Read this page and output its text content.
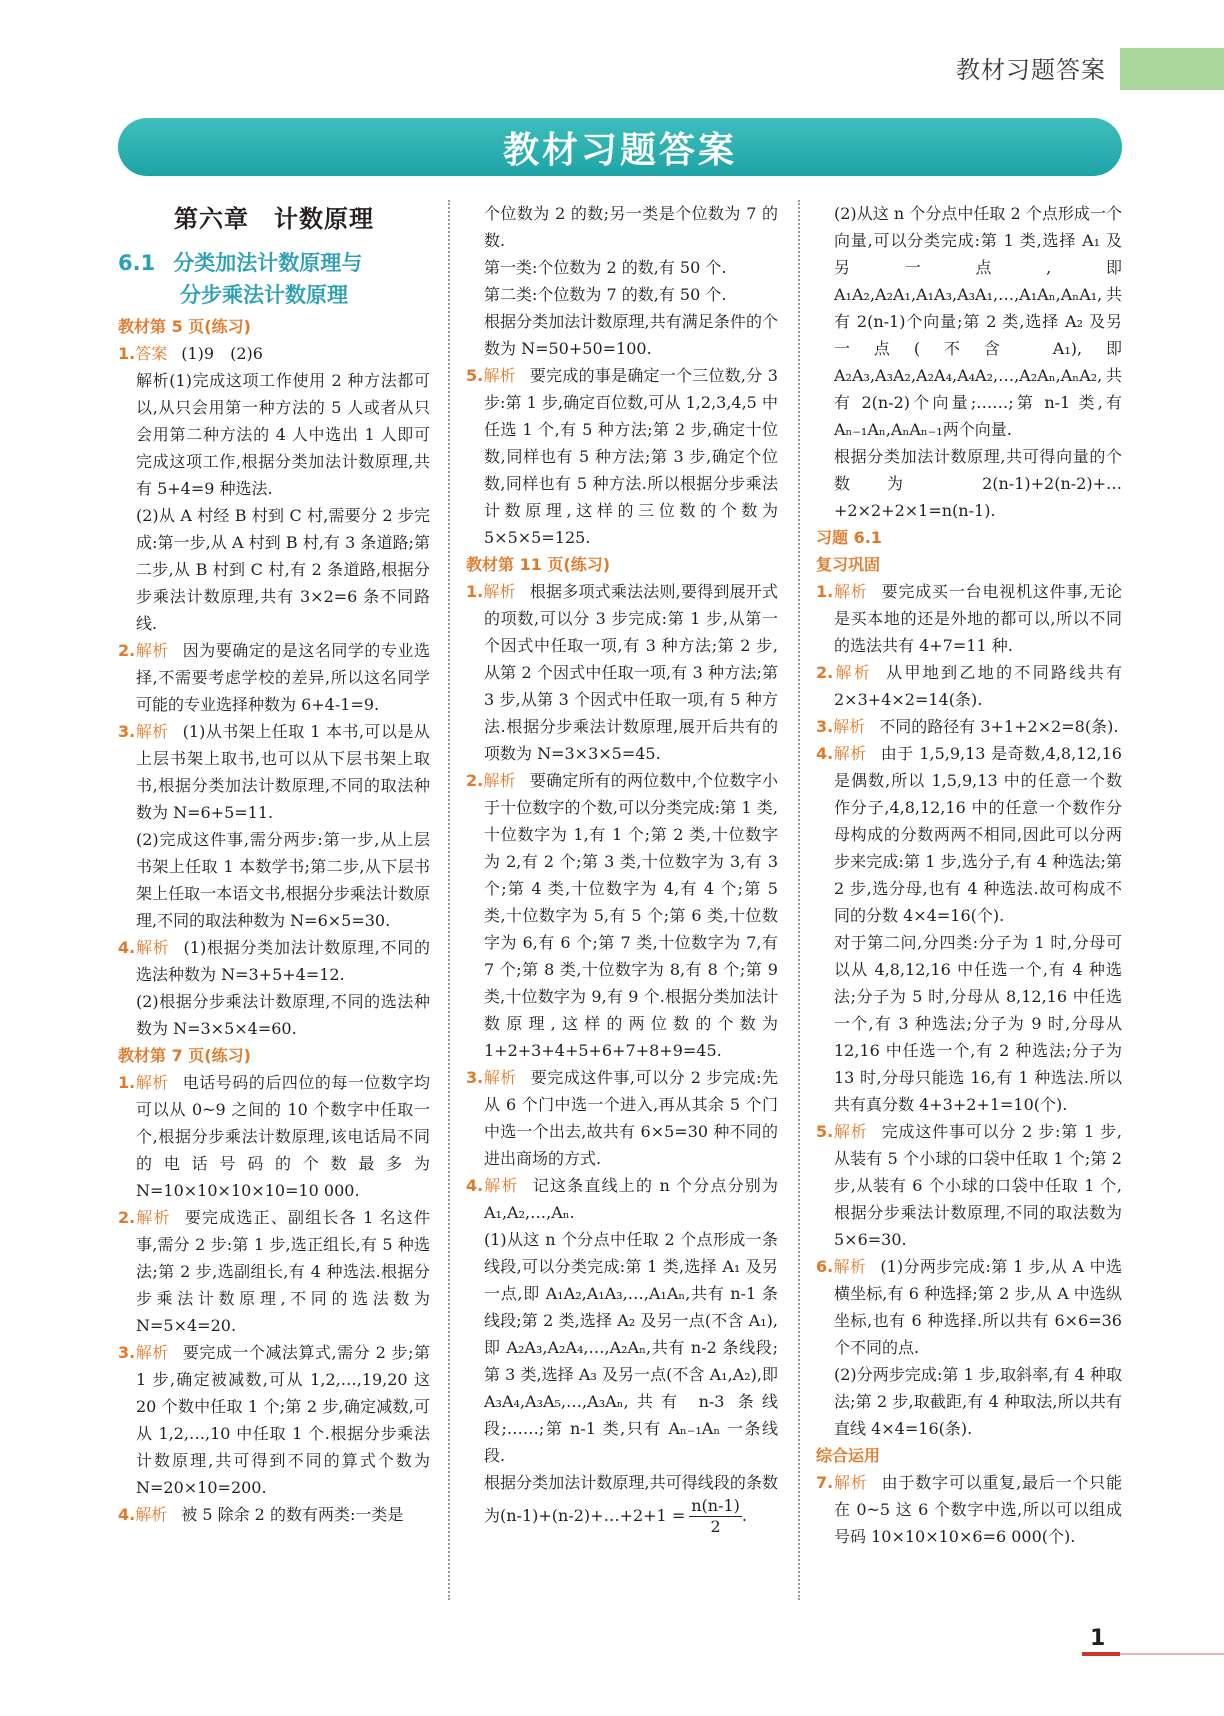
教材习题答案
教材习题答案
第六章　计数原理
6.1 分类加法计数原理与
分步乘法计数原理
教材第 5 页(练习)
1.答案 (1)9　(2)6
解析(1)完成这项工作使用 2 种方法都可以,从只会用第一种方法的 5 人或者从只会用第二种方法的 4 人中选出 1 人即可完成这项工作,根据分类加法计数原理,共有 5+4=9 种选法.
(2)从 A 村经 B 村到 C 村,需要分 2 步完成:第一步,从 A 村到 B 村,有 3 条道路;第二步,从 B 村到 C 村,有 2 条道路,根据分步乘法计数原理,共有 3×2=6 条不同路线.
2.解析 因为要确定的是这名同学的专业选择,不需要考虑学校的差异,所以这名同学可能的专业选择种数为 6+4-1=9.
3.解析 (1)从书架上任取 1 本书,可以是从上层书架上取书,也可以从下层书架上取书,根据分类加法计数原理,不同的取法种数为 N=6+5=11.
(2)完成这件事,需分两步:第一步,从上层书架上任取 1 本数学书;第二步,从下层书架上任取一本语文书,根据分步乘法计数原理,不同的取法种数为 N=6×5=30.
4.解析 (1)根据分类加法计数原理,不同的选法种数为 N=3+5+4=12.
(2)根据分步乘法计数原理,不同的选法种数为 N=3×5×4=60.
教材第 7 页(练习)
1.解析 电话号码的后四位的每一位数字均可以从 0~9 之间的 10 个数字中任取一个,根据分步乘法计数原理,该电话局不同的电话号码的个数最多为 N=10×10×10×10=10 000.
2.解析 要完成选正、副组长各 1 名这件事,需分 2 步:第 1 步,选正组长,有 5 种选法;第 2 步,选副组长,有 4 种选法.根据分步乘法计数原理,不同的选法数为 N=5×4=20.
3.解析 要完成一个减法算式,需分 2 步;第 1 步,确定被减数,可从 1,2,…,19,20 这 20 个数中任取 1 个;第 2 步,确定减数,可从 1,2,…,10 中任取 1 个.根据分步乘法计数原理,共可得到不同的算式个数为 N=20×10=200.
4.解析 被 5 除余 2 的数有两类:一类是
个位数为 2 的数;另一类是个位数为 7 的数.
第一类:个位数为 2 的数,有 50 个.
第二类:个位数为 7 的数,有 50 个.
根据分类加法计数原理,共有满足条件的个数为 N=50+50=100.
5.解析 要完成的事是确定一个三位数,分 3 步:第 1 步,确定百位数,可从 1,2,3,4,5 中任选 1 个,有 5 种方法;第 2 步,确定十位数,同样也有 5 种方法;第 3 步,确定个位数,同样也有 5 种方法.所以根据分步乘法计数原理,这样的三位数的个数为 5×5×5=125.
教材第 11 页(练习)
1.解析 根据多项式乘法法则,要得到展开式的项数,可以分 3 步完成:第 1 步,从第一个因式中任取一项,有 3 种方法;第 2 步,从第 2 个因式中任取一项,有 3 种方法;第 3 步,从第 3 个因式中任取一项,有 5 种方法.根据分步乘法计数原理,展开后共有的项数为 N=3×3×5=45.
2.解析 要确定所有的两位数中,个位数字小于十位数字的个数,可以分类完成:第 1 类,十位数字为 1,有 1 个;第 2 类,十位数字为 2,有 2 个;第 3 类,十位数字为 3,有 3 个;第 4 类,十位数字为 4,有 4 个;第 5 类,十位数字为 5,有 5 个;第 6 类,十位数字为 6,有 6 个;第 7 类,十位数字为 7,有 7 个;第 8 类,十位数字为 8,有 8 个;第 9 类,十位数字为 9,有 9 个.根据分类加法计数原理,这样的两位数的个数为 1+2+3+4+5+6+7+8+9=45.
3.解析 要完成这件事,可以分 2 步完成:先从 6 个门中选一个进入,再从其余 5 个门中选一个出去,故共有 6×5=30 种不同的进出商场的方式.
4.解析 记这条直线上的 n 个分点分别为 A₁,A₂,…,Aₙ.
(1)从这 n 个分点中任取 2 个点形成一条线段,可以分类完成:第 1 类,选择 A₁ 及另一点,即 A₁A₂,A₁A₃,…,A₁Aₙ,共有 n-1 条线段;第 2 类,选择 A₂ 及另一点(不含 A₁),即 A₂A₃,A₂A₄,…,A₂Aₙ,共有 n-2 条线段;第 3 类,选择 A₃ 及另一点(不含 A₁,A₂),即 A₃A₄,A₃A₅,…,A₃Aₙ,共有 n-3 条线段;……;第 n-1 类,只有 Aₙ₋₁Aₙ 一条线段.
根据分类加法计数原理,共可得线段的条数为(n-1)+(n-2)+…+2+1 = $\frac{n(n-1)}{2}$ .
(2)从这 n 个分点中任取 2 个点形成一个向量,可以分类完成:第 1 类,选择 A₁ 及另一点,即A₁A₂,A₂A₁,A₁A₃,A₃A₁,…,A₁Aₙ,AₙA₁,共有 2(n-1)个向量;第 2 类,选择 A₂ 及另一点(不含 A₁),即A₂A₃,A₃A₂,A₂A₄,A₄A₂,…,A₂Aₙ,AₙA₂,共有 2(n-2)个向量;……;第 n-1 类,有Aₙ₋₁Aₙ,AₙAₙ₋₁两个向量.
根据分类加法计数原理,共可得向量的个数为 2(n-1)+2(n-2)+…+2×2+2×1=n(n-1).
习题 6.1
复习巩固
1.解析 要完成买一台电视机这件事,无论是买本地的还是外地的都可以,所以不同的选法共有 4+7=11 种.
2.解析 从甲地到乙地的不同路线共有 2×3+4×2=14(条).
3.解析 不同的路径有 3+1+2×2=8(条).
4.解析 由于 1,5,9,13 是奇数,4,8,12,16 是偶数,所以 1,5,9,13 中的任意一个数作分子,4,8,12,16 中的任意一个数作分母构成的分数两两不相同,因此可以分两步来完成:第 1 步,选分子,有 4 种选法;第 2 步,选分母,也有 4 种选法.故可构成不同的分数 4×4=16(个).
对于第二问,分四类:分子为 1 时,分母可以从 4,8,12,16 中任选一个,有 4 种选法;分子为 5 时,分母从 8,12,16 中任选一个,有 3 种选法;分子为 9 时,分母从 12,16 中任选一个,有 2 种选法;分子为 13 时,分母只能选 16,有 1 种选法.所以共有真分数 4+3+2+1=10(个).
5.解析 完成这件事可以分 2 步:第 1 步,从装有 5 个小球的口袋中任取 1 个;第 2 步,从装有 6 个小球的口袋中任取 1 个,根据分步乘法计数原理,不同的取法数为 5×6=30.
6.解析 (1)分两步完成:第 1 步,从 A 中选横坐标,有 6 种选择;第 2 步,从 A 中选纵坐标,也有 6 种选择.所以共有 6×6=36 个不同的点.
(2)分两步完成:第 1 步,取斜率,有 4 种取法;第 2 步,取截距,有 4 种取法,所以共有直线 4×4=16(条).
综合运用
7.解析 由于数字可以重复,最后一个只能在 0~5 这 6 个数字中选,所以可以组成号码 10×10×10×6=6 000(个).
1
